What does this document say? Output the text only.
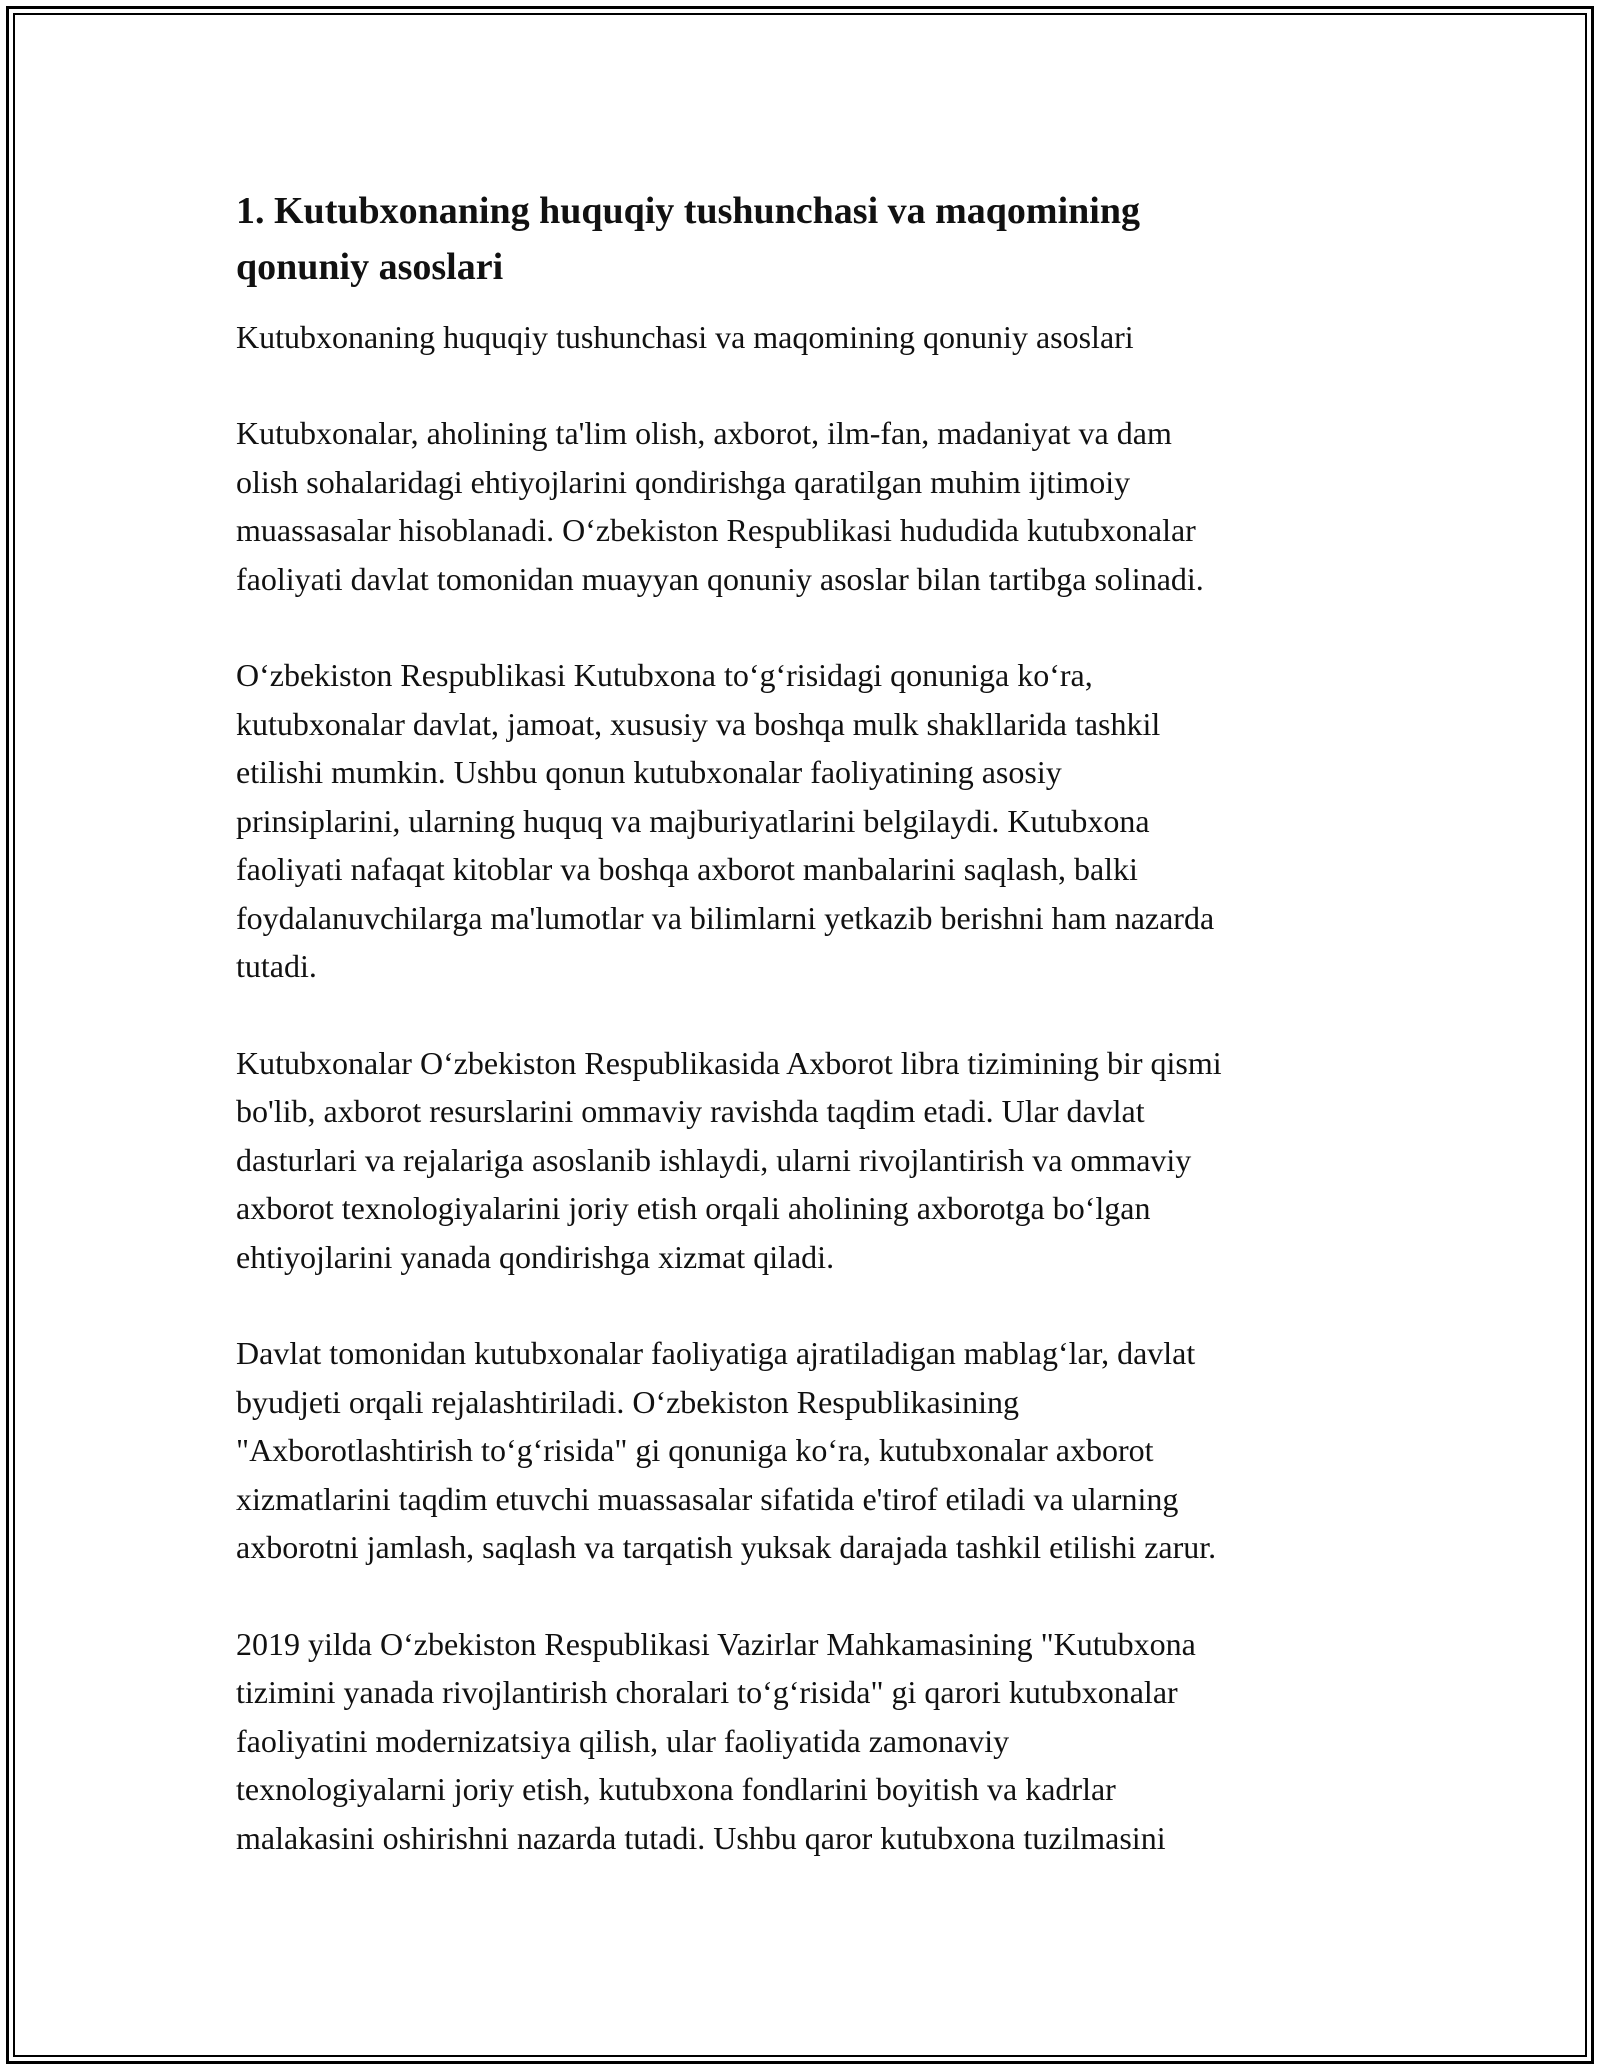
1. Kutubxonaning huquqiy tushunchasi va maqomining
qonuniy asoslari

Kutubxonaning huquqiy tushunchasi va maqomining qonuniy asoslari

Kutubxonalar, aholining ta'lim olish, axborot, ilm-fan, madaniyat va dam
olish sohalaridagi ehtiyojlarini qondirishga qaratilgan muhim ijtimoiy
muassasalar hisoblanadi. O‘zbekiston Respublikasi hududida kutubxonalar
faoliyati davlat tomonidan muayyan qonuniy asoslar bilan tartibga solinadi.

O‘zbekiston Respublikasi Kutubxona to‘g‘risidagi qonuniga ko‘ra,
kutubxonalar davlat, jamoat, xususiy va boshqa mulk shakllarida tashkil
etilishi mumkin. Ushbu qonun kutubxonalar faoliyatining asosiy
prinsiplarini, ularning huquq va majburiyatlarini belgilaydi. Kutubxona
faoliyati nafaqat kitoblar va boshqa axborot manbalarini saqlash, balki
foydalanuvchilarga ma'lumotlar va bilimlarni yetkazib berishni ham nazarda
tutadi.

Kutubxonalar O‘zbekiston Respublikasida Axborot libra tizimining bir qismi
bo'lib, axborot resurslarini ommaviy ravishda taqdim etadi. Ular davlat
dasturlari va rejalariga asoslanib ishlaydi, ularni rivojlantirish va ommaviy
axborot texnologiyalarini joriy etish orqali aholining axborotga bo‘lgan
ehtiyojlarini yanada qondirishga xizmat qiladi.

Davlat tomonidan kutubxonalar faoliyatiga ajratiladigan mablag‘lar, davlat
byudjeti orqali rejalashtiriladi. O‘zbekiston Respublikasining
"Axborotlashtirish to‘g‘risida" gi qonuniga ko‘ra, kutubxonalar axborot
xizmatlarini taqdim etuvchi muassasalar sifatida e'tirof etiladi va ularning
axborotni jamlash, saqlash va tarqatish yuksak darajada tashkil etilishi zarur.

2019 yilda O‘zbekiston Respublikasi Vazirlar Mahkamasining "Kutubxona
tizimini yanada rivojlantirish choralari to‘g‘risida" gi qarori kutubxonalar
faoliyatini modernizatsiya qilish, ular faoliyatida zamonaviy
texnologiyalarni joriy etish, kutubxona fondlarini boyitish va kadrlar
malakasini oshirishni nazarda tutadi. Ushbu qaror kutubxona tuzilmasini
